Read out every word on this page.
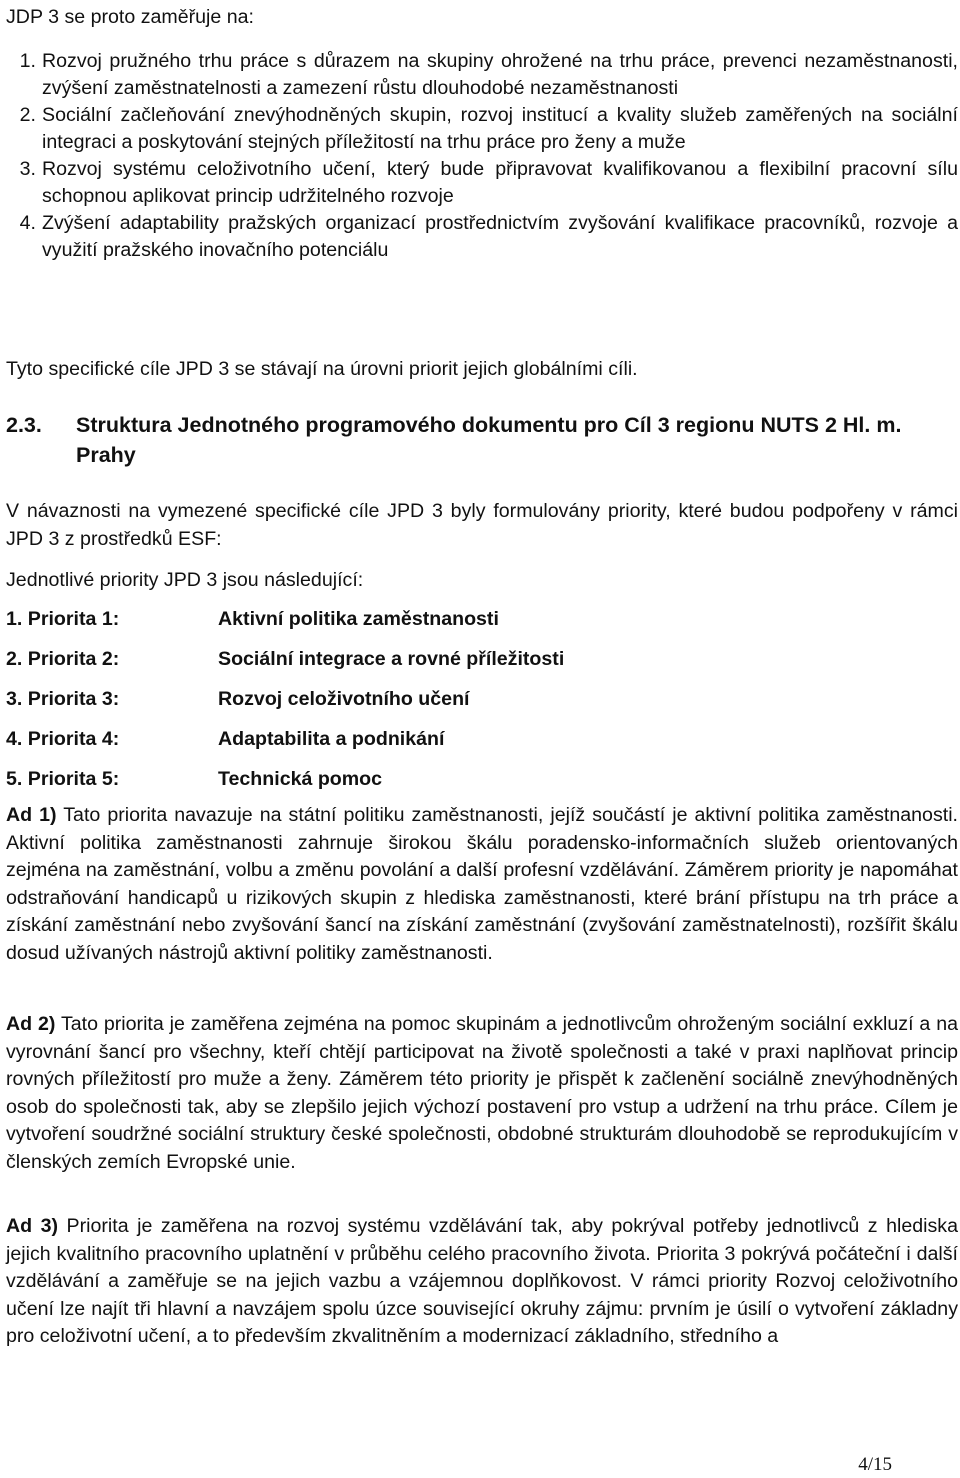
JDP 3 se proto zaměřuje na:
1. Rozvoj pružného trhu práce s důrazem na skupiny ohrožené na trhu práce, prevenci nezaměstnanosti, zvýšení zaměstnatelnosti a zamezení růstu dlouhodobé nezaměstnanosti
2. Sociální začleňování znevýhodněných skupin, rozvoj institucí a kvality služeb zaměřených na sociální integraci a poskytování stejných příležitostí na trhu práce pro ženy a muže
3. Rozvoj systému celoživotního učení, který bude připravovat kvalifikovanou a flexibilní pracovní sílu schopnou aplikovat princip udržitelného rozvoje
4. Zvýšení adaptability pražských organizací prostřednictvím zvyšování kvalifikace pracovníků, rozvoje a využití pražského inovačního potenciálu
Tyto specifické cíle JPD 3 se stávají na úrovni priorit jejich globálními cíli.
2.3.	Struktura Jednotného programového dokumentu pro Cíl 3 regionu NUTS 2 Hl. m. Prahy

V návaznosti na vymezené specifické cíle JPD 3 byly formulovány priority, které budou podpořeny v rámci JPD 3 z prostředků ESF:

Jednotlivé priority JPD 3 jsou následující:
1. Priorita 1:	Aktivní politika zaměstnanosti
2. Priorita 2:	Sociální integrace a rovné příležitosti
3. Priorita 3:	Rozvoj celoživotního učení
4. Priorita 4:	Adaptabilita a podnikání
5. Priorita 5:	Technická pomoc

Ad 1) Tato priorita navazuje na státní politiku zaměstnanosti, jejíž součástí je aktivní politika zaměstnanosti. Aktivní politika zaměstnanosti zahrnuje širokou škálu poradensko-informačních služeb orientovaných zejména na zaměstnání, volbu a změnu povolání a další profesní vzdělávání. Záměrem priority je napomáhat odstraňování handicapů u rizikových skupin z hlediska zaměstnanosti, které brání přístupu na trh práce a získání zaměstnání nebo zvyšování šancí na získání zaměstnání (zvyšování zaměstnatelnosti), rozšířit škálu dosud užívaných nástrojů aktivní politiky zaměstnanosti.

Ad 2) Tato priorita je zaměřena zejména na pomoc skupinám a jednotlivcům ohroženým sociální exkluzí a na vyrovnání šancí pro všechny, kteří chtějí participovat na životě společnosti a také v praxi naplňovat princip rovných příležitostí pro muže a ženy. Záměrem této priority je přispět k začlenění sociálně znevýhodněných osob do společnosti tak, aby se zlepšilo jejich výchozí postavení pro vstup a udržení na trhu práce. Cílem je vytvoření soudržné sociální struktury české společnosti, obdobné strukturám dlouhodobě se reprodukujícím v členských zemích Evropské unie.

Ad 3) Priorita je zaměřena na rozvoj systému vzdělávání tak, aby pokrýval potřeby jednotlivců z hlediska jejich kvalitního pracovního uplatnění v průběhu celého pracovního života. Priorita 3 pokrývá počáteční i další vzdělávání a zaměřuje se na jejich vazbu a vzájemnou doplňkovost. V rámci priority Rozvoj celoživotního učení lze najít tři hlavní a navzájem spolu úzce související okruhy zájmu: prvním je úsilí o vytvoření základny pro celoživotní učení, a to především zkvalitněním a modernizací základního, středního a

4/15
